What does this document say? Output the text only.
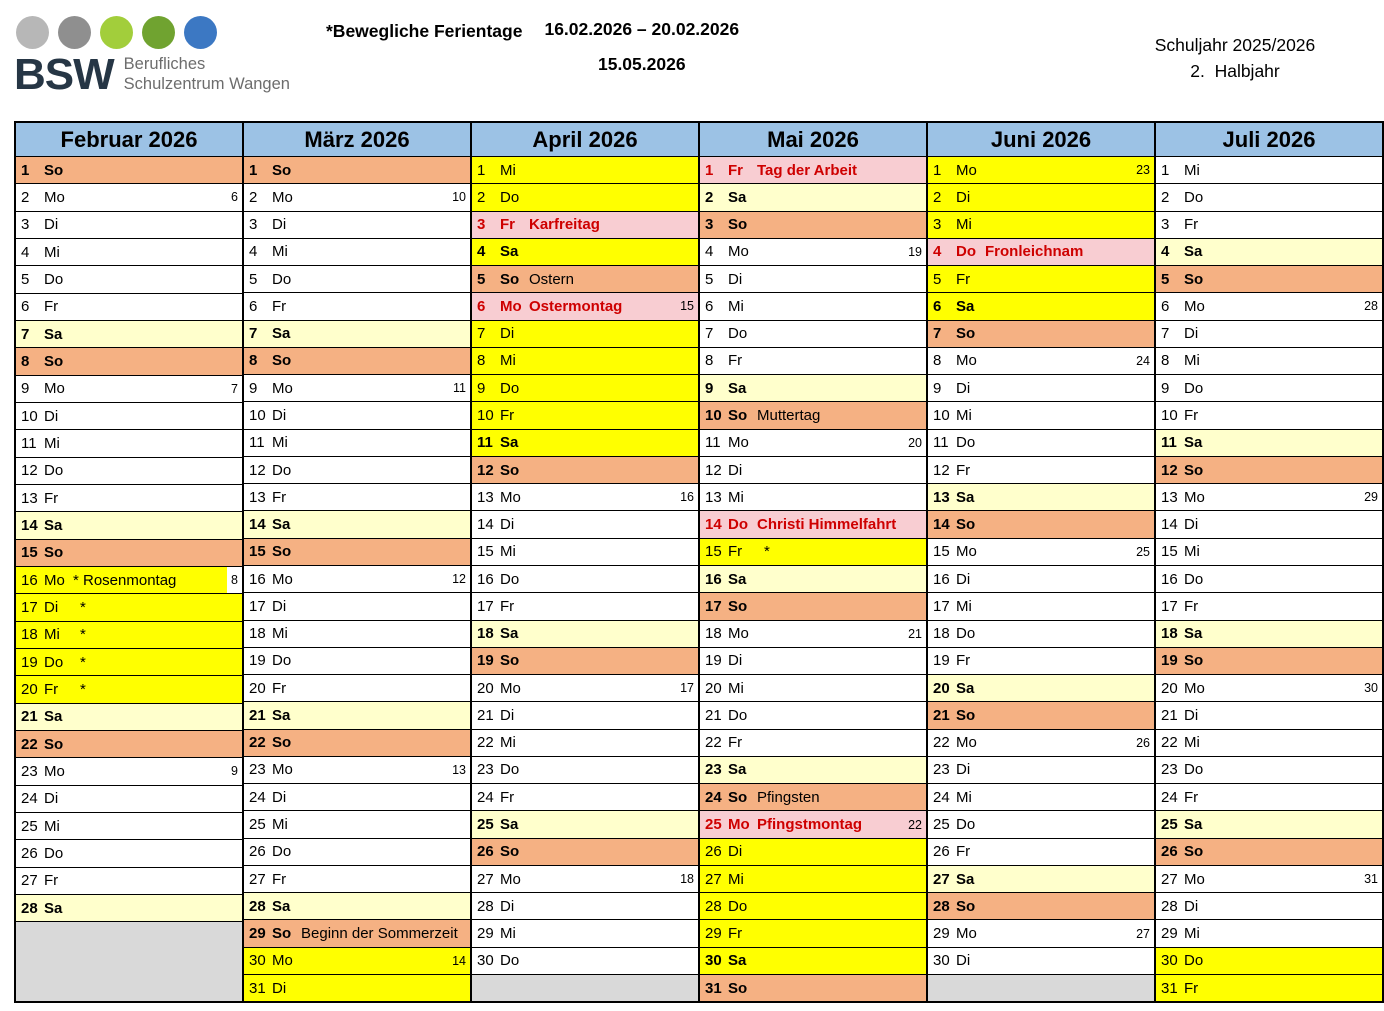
BSW Berufliches
Schulzentrum Wangen
*Bewegliche Ferientage 16.02.2026 – 20.02.2026
15.05.2026
Schuljahr 2025/2026
2.  Halbjahr
Februar 2026
1 So
2 Mo	6
3 Di
4 Mi
5 Do
6 Fr
7 Sa
8 So
9 Mo	7
10 Di
11 Mi
12 Do
13 Fr
14 Sa
15 So
16 Mo * Rosenmontag	8
17 Di	*
18 Mi	*
19 Do	*
20 Fr	*
21 Sa
22 So
23 Mo	9
24 Di
25 Mi
26 Do
27 Fr
28 Sa
März 2026
1 So
2 Mo	10
3 Di
4 Mi
5 Do
6 Fr
7 Sa
8 So
9 Mo	11
10 Di
11 Mi
12 Do
13 Fr
14 Sa
15 So
16 Mo	12
17 Di
18 Mi
19 Do
20 Fr
21 Sa
22 So
23 Mo	13
24 Di
25 Mi
26 Do
27 Fr
28 Sa
29 So Beginn der Sommerzeit
30 Mo	14
31 Di
April 2026
1 Mi
2 Do
3 Fr Karfreitag
4 Sa
5 So Ostern
6 Mo Ostermontag	15
7 Di
8 Mi
9 Do
10 Fr
11 Sa
12 So
13 Mo	16
14 Di
15 Mi
16 Do
17 Fr
18 Sa
19 So
20 Mo	17
21 Di
22 Mi
23 Do
24 Fr
25 Sa
26 So
27 Mo	18
28 Di
29 Mi
30 Do
Mai 2026
1 Fr Tag der Arbeit
2 Sa
3 So
4 Mo	19
5 Di
6 Mi
7 Do
8 Fr
9 Sa
10 So Muttertag
11 Mo	20
12 Di
13 Mi
14 Do Christi Himmelfahrt
15 Fr	*
16 Sa
17 So
18 Mo	21
19 Di
20 Mi
21 Do
22 Fr
23 Sa
24 So Pfingsten
25 Mo Pfingstmontag	22
26 Di
27 Mi
28 Do
29 Fr
30 Sa
31 So
Juni 2026
1 Mo	23
2 Di
3 Mi
4 Do Fronleichnam
5 Fr
6 Sa
7 So
8 Mo	24
9 Di
10 Mi
11 Do
12 Fr
13 Sa
14 So
15 Mo	25
16 Di
17 Mi
18 Do
19 Fr
20 Sa
21 So
22 Mo	26
23 Di
24 Mi
25 Do
26 Fr
27 Sa
28 So
29 Mo	27
30 Di
Juli 2026
1 Mi
2 Do
3 Fr
4 Sa
5 So
6 Mo	28
7 Di
8 Mi
9 Do
10 Fr
11 Sa
12 So
13 Mo	29
14 Di
15 Mi
16 Do
17 Fr
18 Sa
19 So
20 Mo	30
21 Di
22 Mi
23 Do
24 Fr
25 Sa
26 So
27 Mo	31
28 Di
29 Mi
30 Do
31 Fr
